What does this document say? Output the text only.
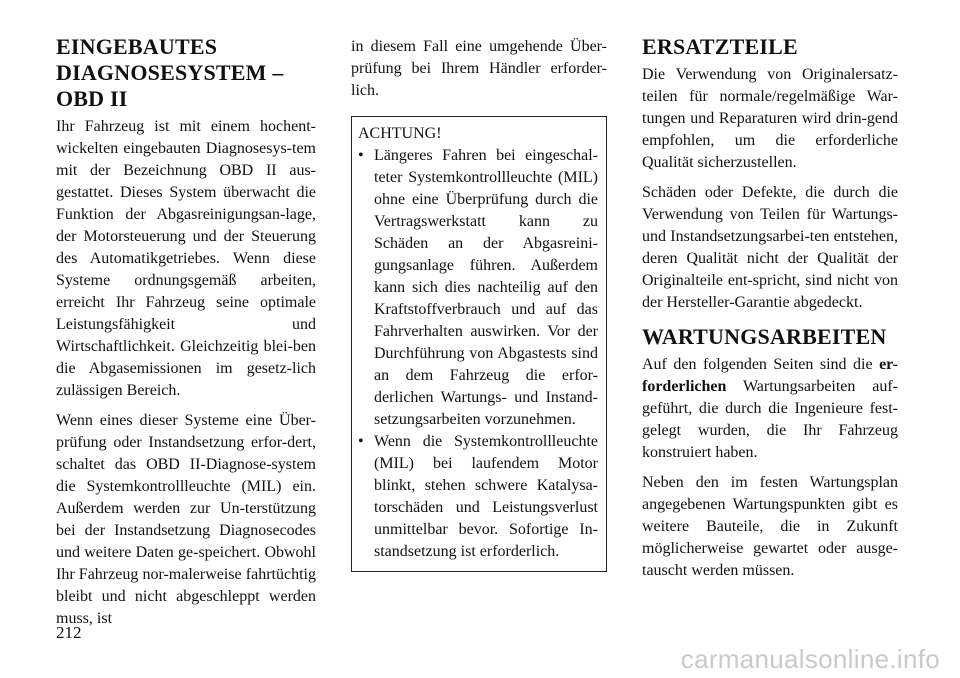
EINGEBAUTES
DIAGNOSESYSTEM –
OBD II

Ihr Fahrzeug ist mit einem hochent-wickelten eingebauten Diagnosesys-tem mit der Bezeichnung OBD II aus-gestattet. Dieses System überwacht die Funktion der Abgasreinigungsan-lage, der Motorsteuerung und der Steuerung des Automatikgetriebes. Wenn diese Systeme ordnungsgemäß arbeiten, erreicht Ihr Fahrzeug seine optimale Leistungsfähigkeit und Wirtschaftlichkeit. Gleichzeitig blei-ben die Abgasemissionen im gesetz-lich zulässigen Bereich.

Wenn eines dieser Systeme eine Über-prüfung oder Instandsetzung erfor-dert, schaltet das OBD II-Diagnose-system die Systemkontrollleuchte (MIL) ein. Außerdem werden zur Un-terstützung bei der Instandsetzung Diagnosecodes und weitere Daten ge-speichert. Obwohl Ihr Fahrzeug nor-malerweise fahrtüchtig bleibt und nicht abgeschleppt werden muss, ist

in diesem Fall eine umgehende Über-prüfung bei Ihrem Händler erforder-lich.

ACHTUNG!

• Längeres Fahren bei eingeschal-teter Systemkontrollleuchte (MIL) ohne eine Überprüfung durch die Vertragswerkstatt kann zu Schäden an der Abgasreini-gungsanlage führen. Außerdem kann sich dies nachteilig auf den Kraftstoffverbrauch und auf das Fahrverhalten auswirken. Vor der Durchführung von Abgastests sind an dem Fahrzeug die erfor-derlichen Wartungs- und Instand-setzungsarbeiten vorzunehmen.
• Wenn die Systemkontrollleuchte (MIL) bei laufendem Motor blinkt, stehen schwere Katalysa-torschäden und Leistungsverlust unmittelbar bevor. Sofortige In-standsetzung ist erforderlich.
ERSATZTEILE

Die Verwendung von Originalersatz-teilen für normale/regelmäßige War-tungen und Reparaturen wird drin-gend empfohlen, um die erforderliche Qualität sicherzustellen.

Schäden oder Defekte, die durch die Verwendung von Teilen für Wartungs- und Instandsetzungsarbei-ten entstehen, deren Qualität nicht der Qualität der Originalteile ent-spricht, sind nicht von der Hersteller-Garantie abgedeckt.

WARTUNGSARBEITEN

Auf den folgenden Seiten sind die er-forderlichen Wartungsarbeiten auf-geführt, die durch die Ingenieure fest-gelegt wurden, die Ihr Fahrzeug konstruiert haben.

Neben den im festen Wartungsplan angegebenen Wartungspunkten gibt es weitere Bauteile, die in Zukunft möglicherweise gewartet oder ausge-tauscht werden müssen.

212
carmanualsonline.info
